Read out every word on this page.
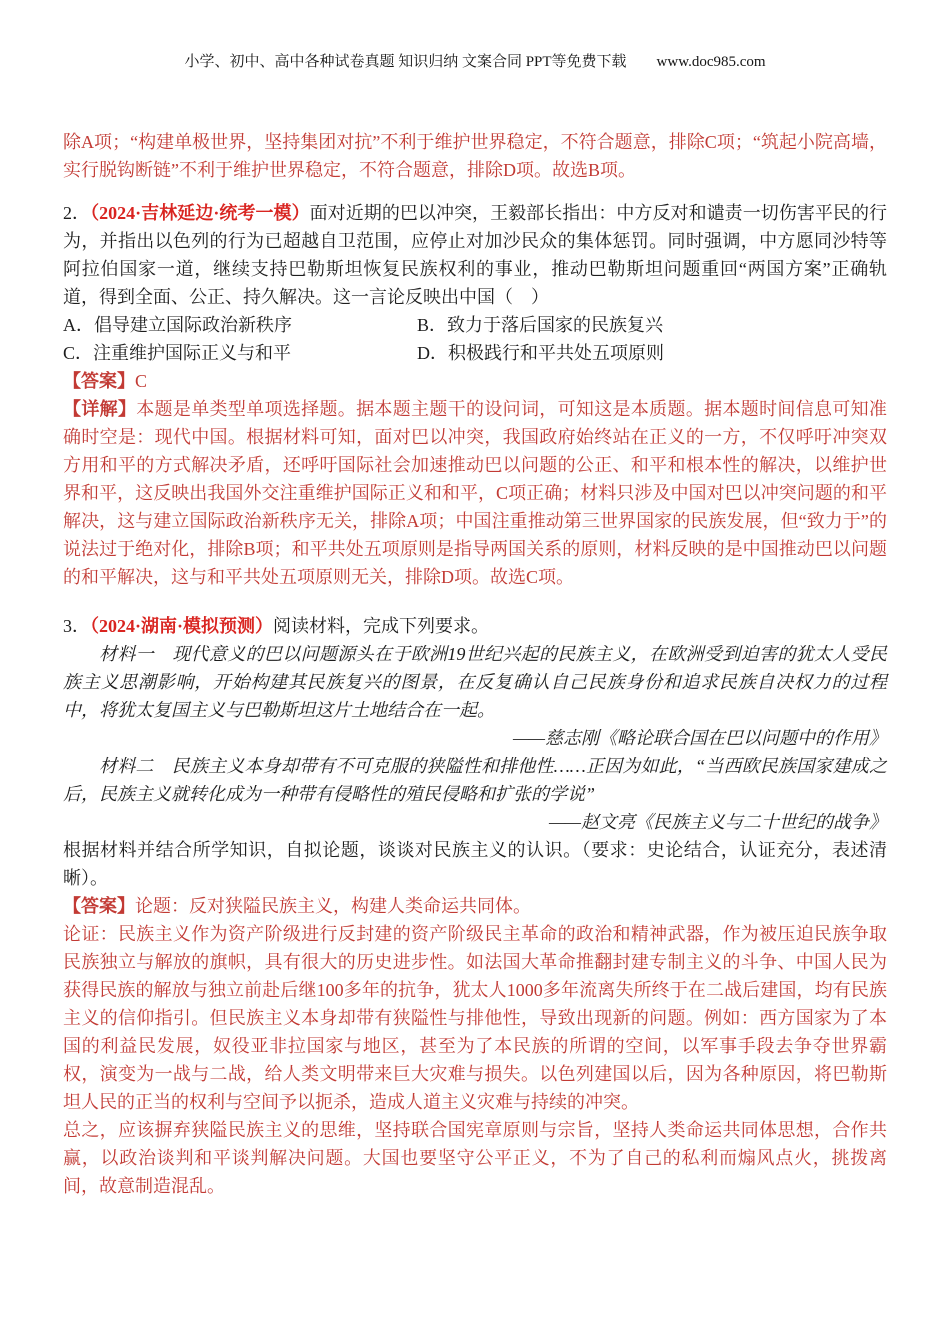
小学、初中、高中各种试卷真题 知识归纳 文案合同 PPT等免费下载 www.doc985.com

除A项；“构建单极世界，坚持集团对抗”不利于维护世界稳定，不符合题意，排除C项；“筑起小院高墙，实行脱钩断链”不利于维护世界稳定，不符合题意，排除D项。故选B项。

2．（2024·吉林延边·统考一模）面对近期的巴以冲突，王毅部长指出：中方反对和谴责一切伤害平民的行为，并指出以色列的行为已超越自卫范围，应停止对加沙民众的集体惩罚。同时强调，中方愿同沙特等阿拉伯国家一道，继续支持巴勒斯坦恢复民族权利的事业，推动巴勒斯坦问题重回“两国方案”正确轨道，得到全面、公正、持久解决。这一言论反映出中国（　）

A．倡导建立国际政治新秩序	B．致力于落后国家的民族复兴
C．注重维护国际正义与和平	D．积极践行和平共处五项原则

【答案】C

【详解】本题是单类型单项选择题。据本题主题干的设问词，可知这是本质题。据本题时间信息可知准确时空是：现代中国。根据材料可知，面对巴以冲突，我国政府始终站在正义的一方，不仅呼吁冲突双方用和平的方式解决矛盾，还呼吁国际社会加速推动巴以问题的公正、和平和根本性的解决，以维护世界和平，这反映出我国外交注重维护国际正义和和平，C项正确；材料只涉及中国对巴以冲突问题的和平解决，这与建立国际政治新秩序无关，排除A项；中国注重推动第三世界国家的民族发展，但“致力于”的说法过于绝对化，排除B项；和平共处五项原则是指导两国关系的原则，材料反映的是中国推动巴以问题的和平解决，这与和平共处五项原则无关，排除D项。故选C项。

3．（2024·湖南·模拟预测）阅读材料，完成下列要求。

材料一　现代意义的巴以问题源头在于欧洲19世纪兴起的民族主义，在欧洲受到迫害的犹太人受民族主义思潮影响，开始构建其民族复兴的图景，在反复确认自己民族身份和追求民族自决权力的过程中，将犹太复国主义与巴勒斯坦这片土地结合在一起。

——慈志刚《略论联合国在巴以问题中的作用》

材料二　民族主义本身却带有不可克服的狭隘性和排他性……正因为如此，“当西欧民族国家建成之后，民族主义就转化成为一种带有侵略性的殖民侵略和扩张的学说”

——赵文亮《民族主义与二十世纪的战争》

根据材料并结合所学知识，自拟论题，谈谈对民族主义的认识。（要求：史论结合，认证充分，表述清晰）。

【答案】论题：反对狭隘民族主义，构建人类命运共同体。

论证：民族主义作为资产阶级进行反封建的资产阶级民主革命的政治和精神武器，作为被压迫民族争取民族独立与解放的旗帜，具有很大的历史进步性。如法国大革命推翻封建专制主义的斗争、中国人民为获得民族的解放与独立前赴后继100多年的抗争，犹太人1000多年流离失所终于在二战后建国，均有民族主义的信仰指引。但民族主义本身却带有狭隘性与排他性，导致出现新的问题。例如：西方国家为了本国的利益民发展，奴役亚非拉国家与地区，甚至为了本民族的所谓的空间，以军事手段去争夺世界霸权，演变为一战与二战，给人类文明带来巨大灾难与损失。以色列建国以后，因为各种原因，将巴勒斯坦人民的正当的权利与空间予以扼杀，造成人道主义灾难与持续的冲突。

总之，应该摒弃狭隘民族主义的思维，坚持联合国宪章原则与宗旨，坚持人类命运共同体思想，合作共赢，以政治谈判和平谈判解决问题。大国也要坚守公平正义，不为了自己的私利而煽风点火，挑拨离间，故意制造混乱。
